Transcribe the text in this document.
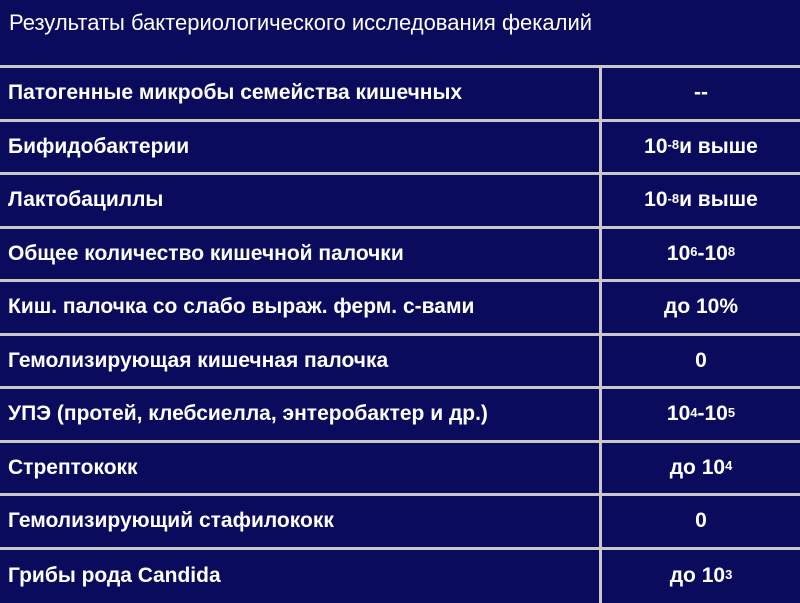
Результаты бактериологического исследования фекалий
Патогенные микробы семейства кишечных	--
Бифидобактерии	$10^{-8}$ и выше
Лактобациллы	$10^{-8}$ и выше
Общее количество кишечной палочки	$10^6$ $-10^8$
Киш. палочка со слабо выраж. ферм. с-вами	до 10%
Гемолизирующая кишечная палочка	0
УПЭ (протей, клебсиелла, энтеробактер и др.)	$10^4$ $-10^5$
Стрептококк	до $10^4$
Гемолизирующий стафилококк	0
Грибы рода Candida	до $10^3$
